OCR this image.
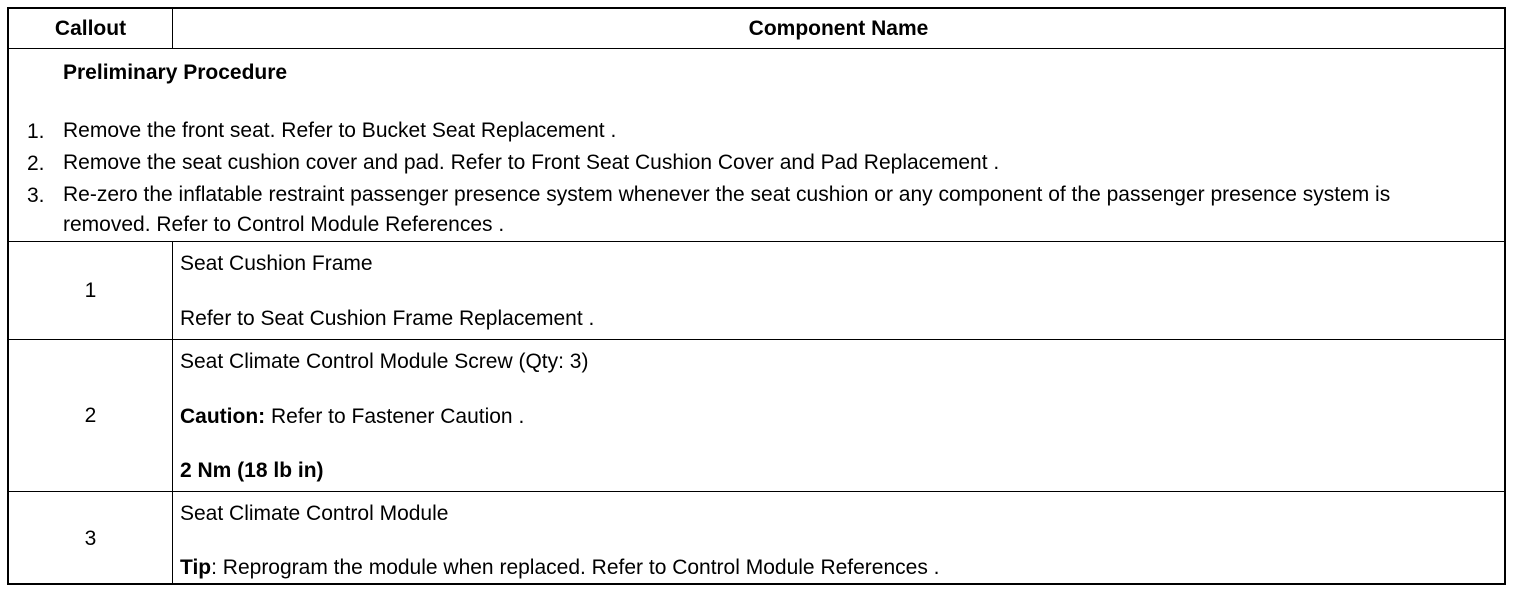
Callout	Component Name
Preliminary Procedure
1. Remove the front seat. Refer to Bucket Seat Replacement .
2. Remove the seat cushion cover and pad. Refer to Front Seat Cushion Cover and Pad Replacement .
3. Re-zero the inflatable restraint passenger presence system whenever the seat cushion or any component of the passenger presence system is removed. Refer to Control Module References .
1
Seat Cushion Frame
Refer to Seat Cushion Frame Replacement .
2
Seat Climate Control Module Screw (Qty: 3)
Caution: Refer to Fastener Caution .
2 Nm (18 lb in)
3
Seat Climate Control Module
Tip: Reprogram the module when replaced. Refer to Control Module References .
